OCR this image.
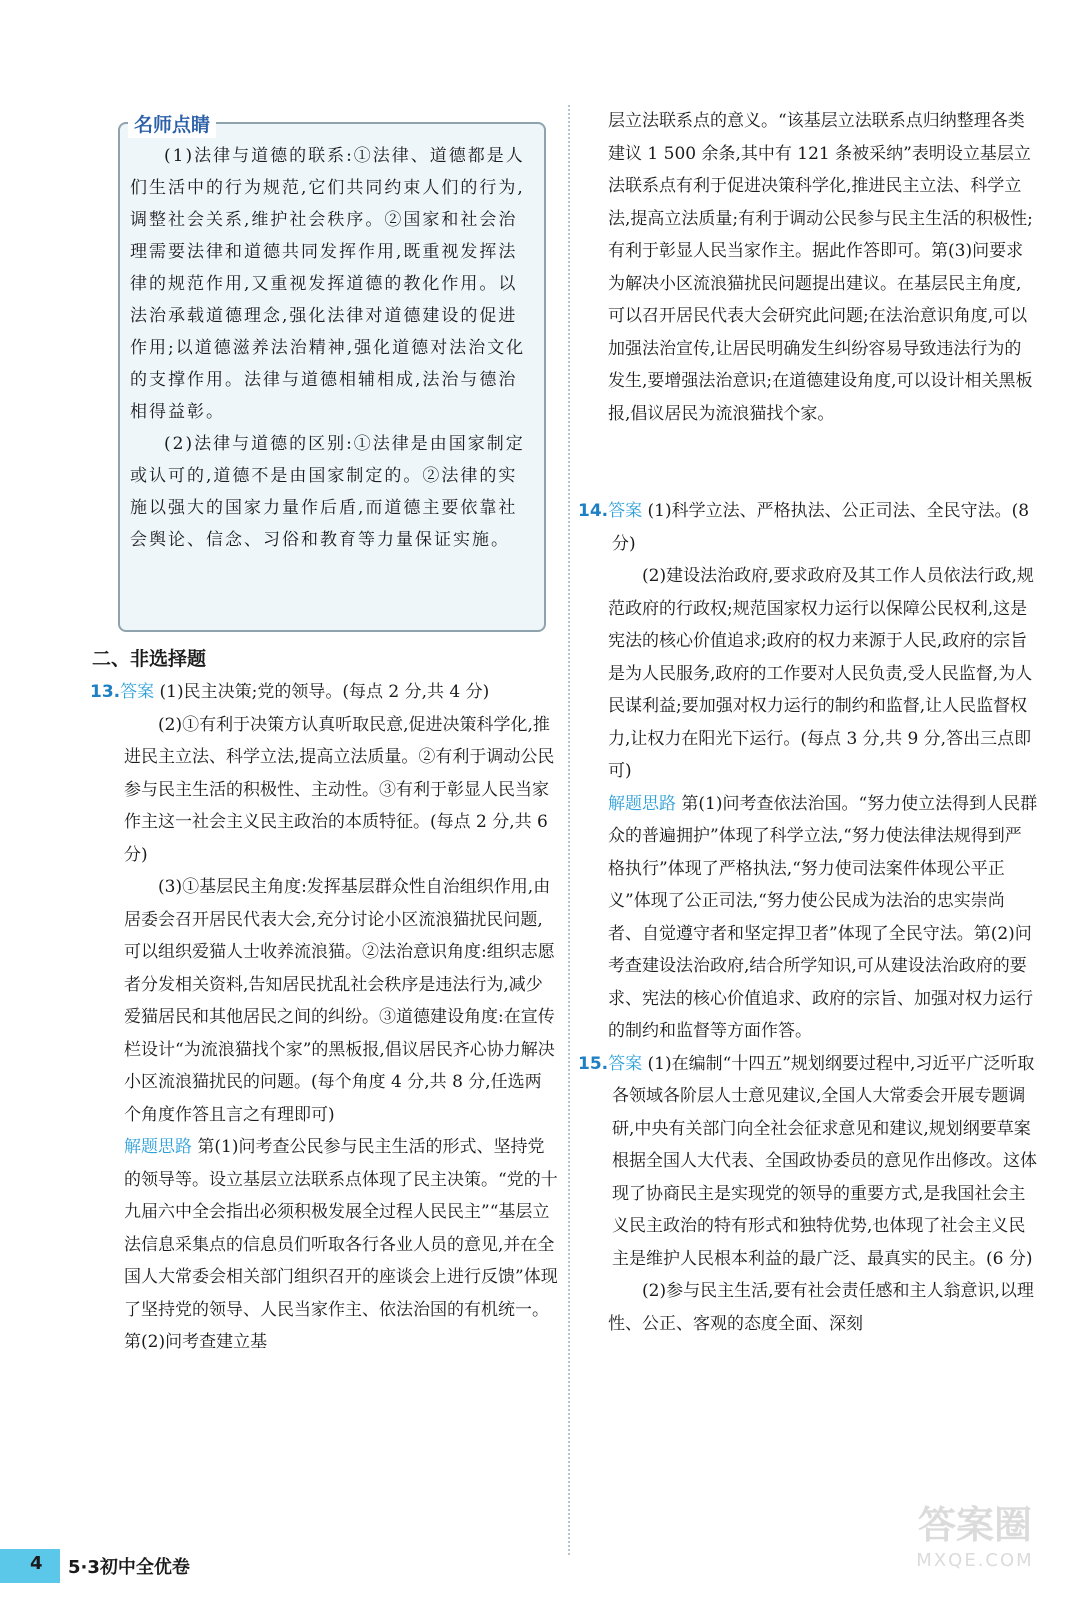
名师点睛

(1)法律与道德的联系:①法律、道德都是人们生活中的行为规范,它们共同约束人们的行为,调整社会关系,维护社会秩序。②国家和社会治理需要法律和道德共同发挥作用,既重视发挥法律的规范作用,又重视发挥道德的教化作用。以法治承载道德理念,强化法律对道德建设的促进作用;以道德滋养法治精神,强化道德对法治文化的支撑作用。法律与道德相辅相成,法治与德治相得益彰。

(2)法律与道德的区别:①法律是由国家制定或认可的,道德不是由国家制定的。②法律的实施以强大的国家力量作后盾,而道德主要依靠社会舆论、信念、习俗和教育等力量保证实施。

二、非选择题

13.答案 (1)民主决策;党的领导。(每点 2 分,共 4 分)

(2)①有利于决策方认真听取民意,促进决策科学化,推进民主立法、科学立法,提高立法质量。②有利于调动公民参与民主生活的积极性、主动性。③有利于彰显人民当家作主这一社会主义民主政治的本质特征。(每点 2 分,共 6 分)

(3)①基层民主角度:发挥基层群众性自治组织作用,由居委会召开居民代表大会,充分讨论小区流浪猫扰民问题,可以组织爱猫人士收养流浪猫。②法治意识角度:组织志愿者分发相关资料,告知居民扰乱社会秩序是违法行为,减少爱猫居民和其他居民之间的纠纷。③道德建设角度:在宣传栏设计“为流浪猫找个家”的黑板报,倡议居民齐心协力解决小区流浪猫扰民的问题。(每个角度 4 分,共 8 分,任选两个角度作答且言之有理即可)

解题思路 第(1)问考查公民参与民主生活的形式、坚持党的领导等。设立基层立法联系点体现了民主决策。“党的十九届六中全会指出必须积极发展全过程人民民主”“基层立法信息采集点的信息员们听取各行各业人员的意见,并在全国人大常委会相关部门组织召开的座谈会上进行反馈”体现了坚持党的领导、人民当家作主、依法治国的有机统一。第(2)问考查建立基

层立法联系点的意义。“该基层立法联系点归纳整理各类建议 1 500 余条,其中有 121 条被采纳”表明设立基层立法联系点有利于促进决策科学化,推进民主立法、科学立法,提高立法质量;有利于调动公民参与民主生活的积极性;有利于彰显人民当家作主。据此作答即可。第(3)问要求为解决小区流浪猫扰民问题提出建议。在基层民主角度,可以召开居民代表大会研究此问题;在法治意识角度,可以加强法治宣传,让居民明确发生纠纷容易导致违法行为的发生,要增强法治意识;在道德建设角度,可以设计相关黑板报,倡议居民为流浪猫找个家。

14.答案 (1)科学立法、严格执法、公正司法、全民守法。(8 分)

(2)建设法治政府,要求政府及其工作人员依法行政,规范政府的行政权;规范国家权力运行以保障公民权利,这是宪法的核心价值追求;政府的权力来源于人民,政府的宗旨是为人民服务,政府的工作要对人民负责,受人民监督,为人民谋利益;要加强对权力运行的制约和监督,让人民监督权力,让权力在阳光下运行。(每点 3 分,共 9 分,答出三点即可)

解题思路 第(1)问考查依法治国。“努力使立法得到人民群众的普遍拥护”体现了科学立法,“努力使法律法规得到严格执行”体现了严格执法,“努力使司法案件体现公平正义”体现了公正司法,“努力使公民成为法治的忠实崇尚者、自觉遵守者和坚定捍卫者”体现了全民守法。第(2)问考查建设法治政府,结合所学知识,可从建设法治政府的要求、宪法的核心价值追求、政府的宗旨、加强对权力运行的制约和监督等方面作答。

15.答案 (1)在编制“十四五”规划纲要过程中,习近平广泛听取各领域各阶层人士意见建议,全国人大常委会开展专题调研,中央有关部门向全社会征求意见和建议,规划纲要草案根据全国人大代表、全国政协委员的意见作出修改。这体现了协商民主是实现党的领导的重要方式,是我国社会主义民主政治的特有形式和独特优势,也体现了社会主义民主是维护人民根本利益的最广泛、最真实的民主。(6 分)

(2)参与民主生活,要有社会责任感和主人翁意识,以理性、公正、客观的态度全面、深刻

4 5·3初中全优卷
答案圈
MXQE.COM
